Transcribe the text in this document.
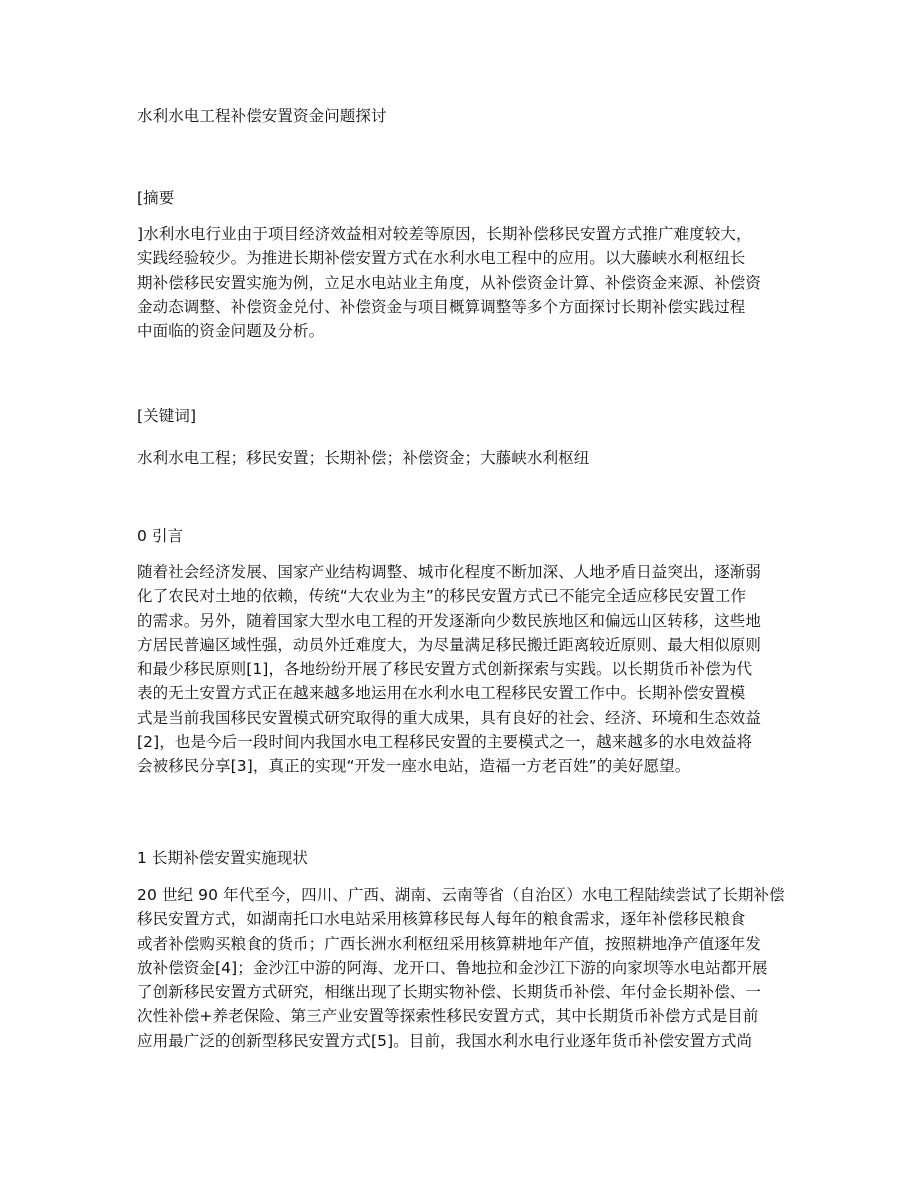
水利水电工程补偿安置资金问题探讨
[摘要
]水利水电行业由于项目经济效益相对较差等原因，长期补偿移民安置方式推广难度较大，
实践经验较少。为推进长期补偿安置方式在水利水电工程中的应用。以大藤峡水利枢纽长
期补偿移民安置实施为例，立足水电站业主角度，从补偿资金计算、补偿资金来源、补偿资
金动态调整、补偿资金兑付、补偿资金与项目概算调整等多个方面探讨长期补偿实践过程
中面临的资金问题及分析。
[关键词]
水利水电工程；移民安置；长期补偿；补偿资金；大藤峡水利枢纽
0 引言
随着社会经济发展、国家产业结构调整、城市化程度不断加深、人地矛盾日益突出，逐渐弱
化了农民对土地的依赖，传统“大农业为主”的移民安置方式已不能完全适应移民安置工作
的需求。另外，随着国家大型水电工程的开发逐渐向少数民族地区和偏远山区转移，这些地
方居民普遍区域性强，动员外迁难度大，为尽量满足移民搬迁距离较近原则、最大相似原则
和最少移民原则[1]，各地纷纷开展了移民安置方式创新探索与实践。以长期货币补偿为代
表的无土安置方式正在越来越多地运用在水利水电工程移民安置工作中。长期补偿安置模
式是当前我国移民安置模式研究取得的重大成果，具有良好的社会、经济、环境和生态效益
[2]，也是今后一段时间内我国水电工程移民安置的主要模式之一，越来越多的水电效益将
会被移民分享[3]，真正的实现“开发一座水电站，造福一方老百姓”的美好愿望。
1 长期补偿安置实施现状
20 世纪 90 年代至今，四川、广西、湖南、云南等省（自治区）水电工程陆续尝试了长期补偿
移民安置方式，如湖南托口水电站采用核算移民每人每年的粮食需求，逐年补偿移民粮食
或者补偿购买粮食的货币；广西长洲水利枢纽采用核算耕地年产值，按照耕地净产值逐年发
放补偿资金[4]；金沙江中游的阿海、龙开口、鲁地拉和金沙江下游的向家坝等水电站都开展
了创新移民安置方式研究，相继出现了长期实物补偿、长期货币补偿、年付金长期补偿、一
次性补偿+养老保险、第三产业安置等探索性移民安置方式，其中长期货币补偿方式是目前
应用最广泛的创新型移民安置方式[5]。目前，我国水利水电行业逐年货币补偿安置方式尚
